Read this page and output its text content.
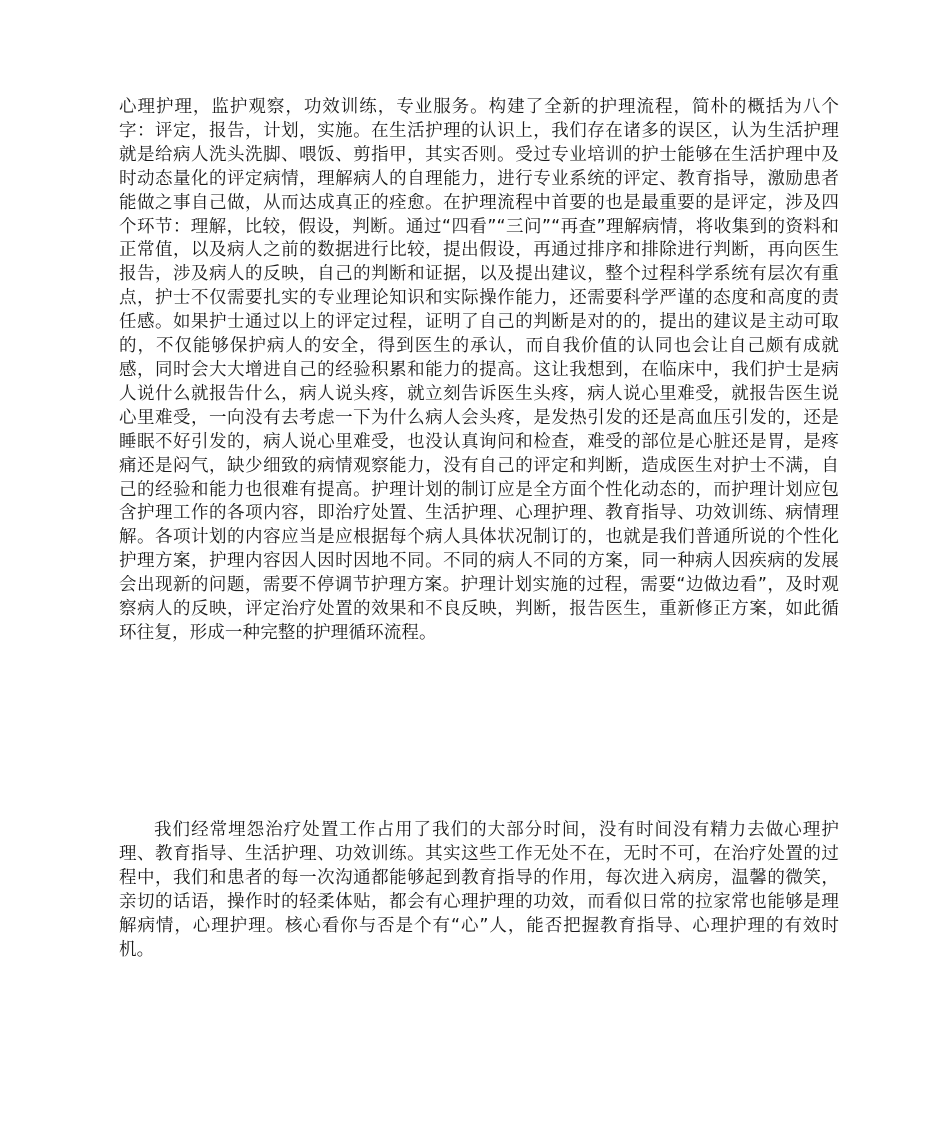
心理护理，监护观察，功效训练，专业服务。构建了全新的护理流程，简朴的概括为八个字：评定，报告，计划，实施。在生活护理的认识上，我们存在诸多的误区，认为生活护理就是给病人洗头洗脚、喂饭、剪指甲，其实否则。受过专业培训的护士能够在生活护理中及时动态量化的评定病情，理解病人的自理能力，进行专业系统的评定、教育指导，激励患者能做之事自己做，从而达成真正的痊愈。在护理流程中首要的也是最重要的是评定，涉及四个环节：理解，比较，假设，判断。通过“四看”“三问”“再查”理解病情，将收集到的资料和正常值，以及病人之前的数据进行比较，提出假设，再通过排序和排除进行判断，再向医生报告，涉及病人的反映，自己的判断和证据，以及提出建议，整个过程科学系统有层次有重点，护士不仅需要扎实的专业理论知识和实际操作能力，还需要科学严谨的态度和高度的责任感。如果护士通过以上的评定过程，证明了自己的判断是对的的，提出的建议是主动可取的，不仅能够保护病人的安全，得到医生的承认，而自我价值的认同也会让自己颇有成就感，同时会大大增进自己的经验积累和能力的提高。这让我想到，在临床中，我们护士是病人说什么就报告什么，病人说头疼，就立刻告诉医生头疼，病人说心里难受，就报告医生说心里难受，一向没有去考虑一下为什么病人会头疼，是发热引发的还是高血压引发的，还是睡眠不好引发的，病人说心里难受，也没认真询问和检查，难受的部位是心脏还是胃，是疼痛还是闷气，缺少细致的病情观察能力，没有自己的评定和判断，造成医生对护士不满，自己的经验和能力也很难有提高。护理计划的制订应是全方面个性化动态的，而护理计划应包含护理工作的各项内容，即治疗处置、生活护理、心理护理、教育指导、功效训练、病情理解。各项计划的内容应当是应根据每个病人具体状况制订的，也就是我们普通所说的个性化护理方案，护理内容因人因时因地不同。不同的病人不同的方案，同一种病人因疾病的发展会出现新的问题，需要不停调节护理方案。护理计划实施的过程，需要“边做边看”，及时观察病人的反映，评定治疗处置的效果和不良反映，判断，报告医生，重新修正方案，如此循环往复，形成一种完整的护理循环流程。

我们经常埋怨治疗处置工作占用了我们的大部分时间，没有时间没有精力去做心理护理、教育指导、生活护理、功效训练。其实这些工作无处不在，无时不可，在治疗处置的过程中，我们和患者的每一次沟通都能够起到教育指导的作用，每次进入病房，温馨的微笑，亲切的话语，操作时的轻柔体贴，都会有心理护理的功效，而看似日常的拉家常也能够是理解病情，心理护理。核心看你与否是个有“心”人，能否把握教育指导、心理护理的有效时机。
